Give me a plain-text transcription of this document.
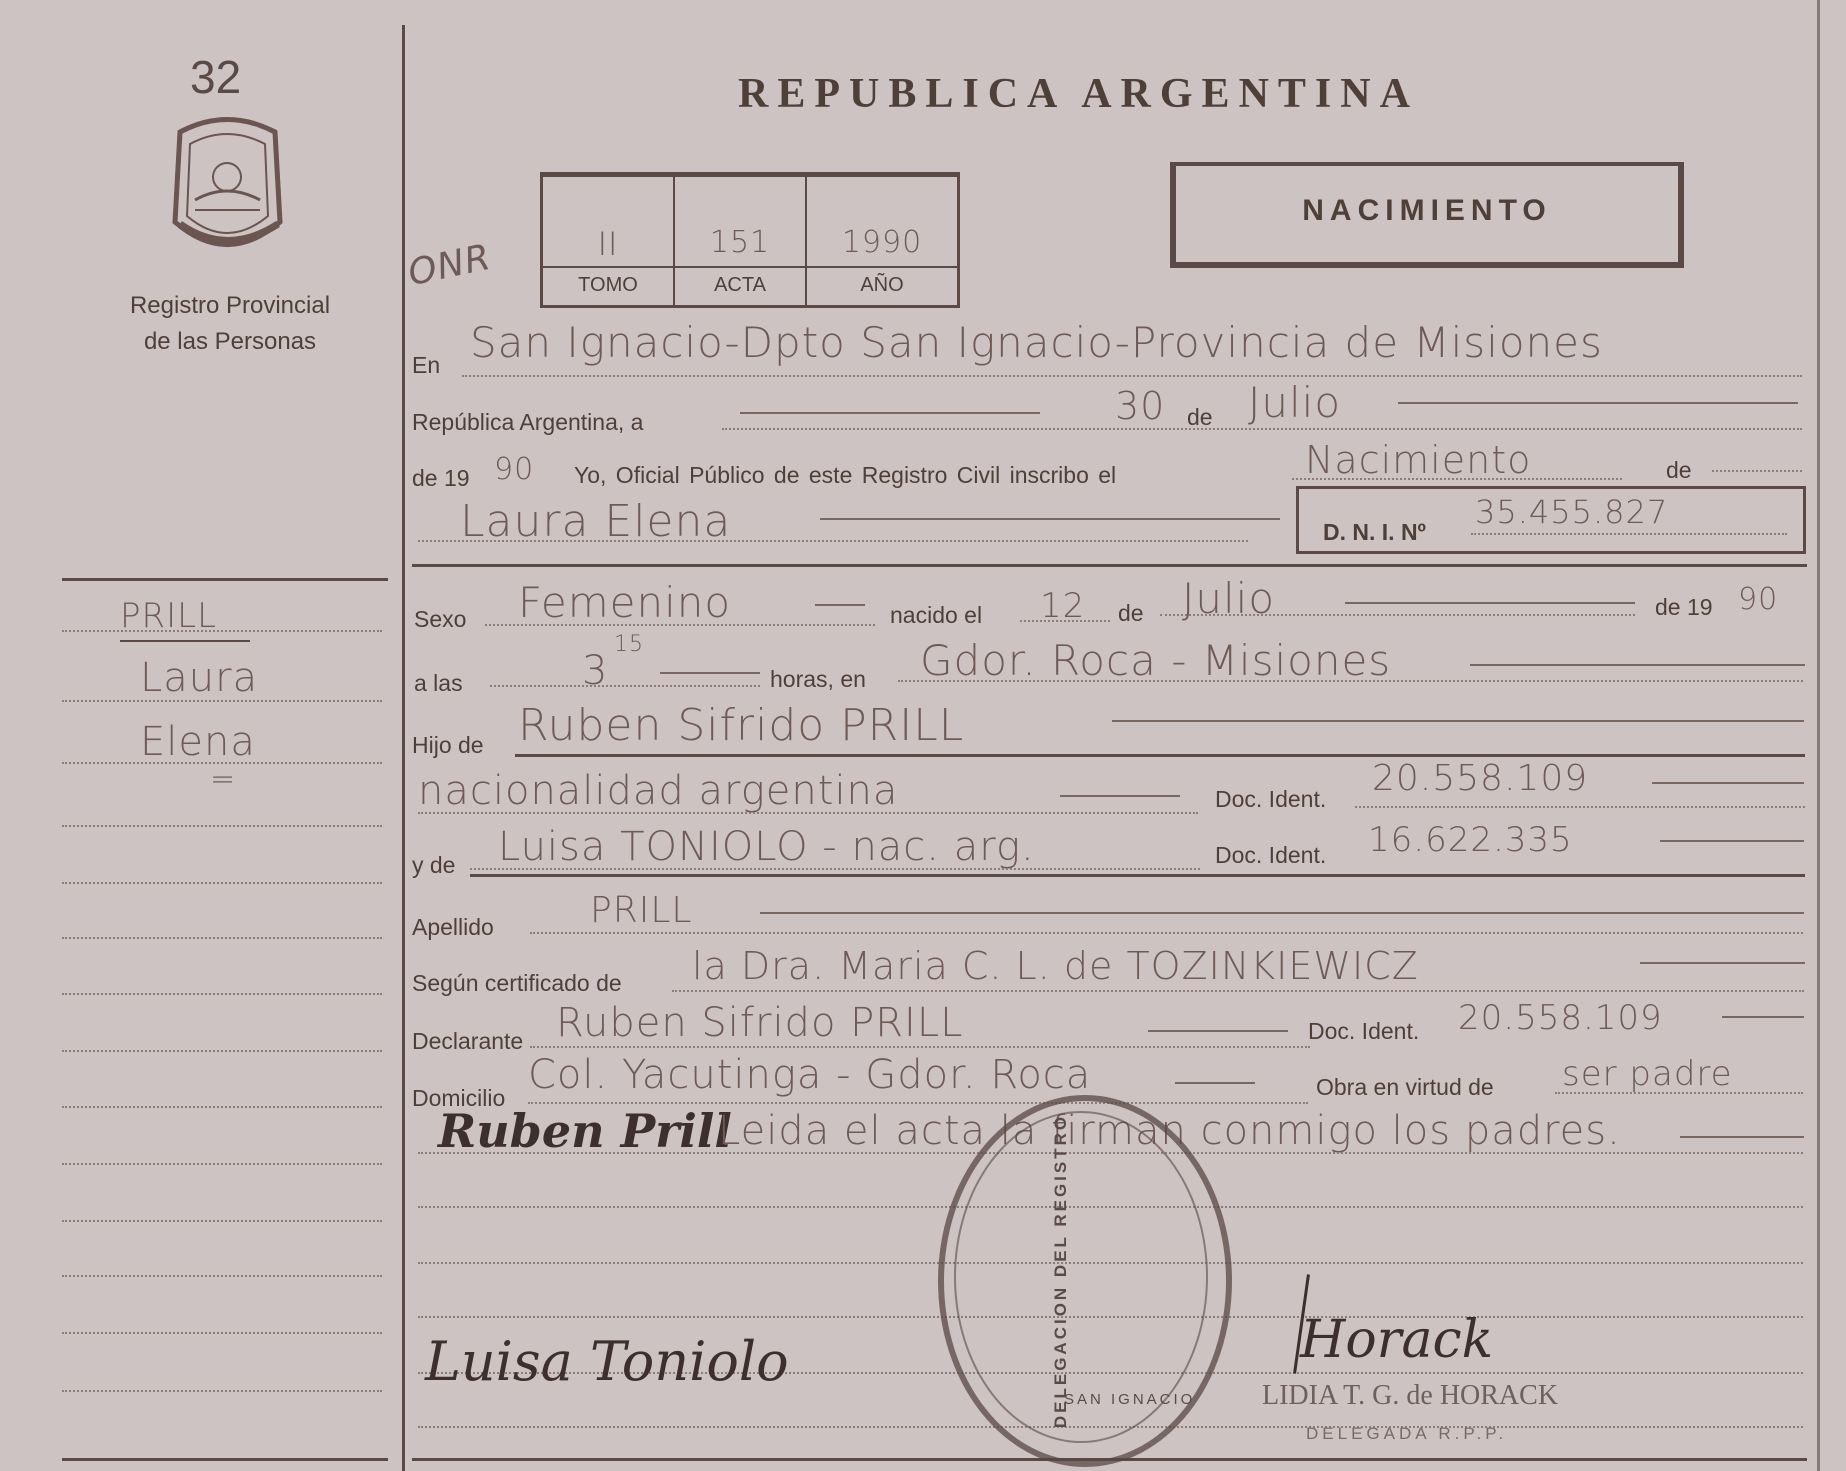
32
Registro Provincial
de las Personas
REPUBLICA ARGENTINA
NACIMIENTO
II	151	1990
TOMO	ACTA	AÑO
ONR
PRILL
Laura
Elena
=
En San Ignacio-Dpto San Ignacio-Provincia de Misiones
República Argentina, a	30 de Julio
de 19 90 Yo, Oficial Público de este Registro Civil inscribo el	Nacimiento	de
Laura Elena	D. N. I. Nº
35.455.827
Sexo Femenino	nacido el 12 de Julio	de 19 90
a las	3
15
horas, en Gdor. Roca - Misiones
Hijo de Ruben Sifrido PRILL
nacionalidad argentina	Doc. Ident. 20.558.109
y de Luisa TONIOLO - nac. arg.	Doc. Ident. 16.622.335
Apellido	PRILL
Según certificado de la Dra. Maria C. L. de TOZINKIEWICZ
Declarante Ruben Sifrido PRILL	Doc. Ident. 20.558.109
Domicilio Col. Yacutinga - Gdor. Roca	Obra en virtud de ser padre
Ruben Prill
Leida el acta la firman conmigo los padres.
DELEGACION DEL REGISTRO
SAN IGNACIO
Luisa Toniolo	Horack
LIDIA T. G. de HORACK
DELEGADA R.P.P.
